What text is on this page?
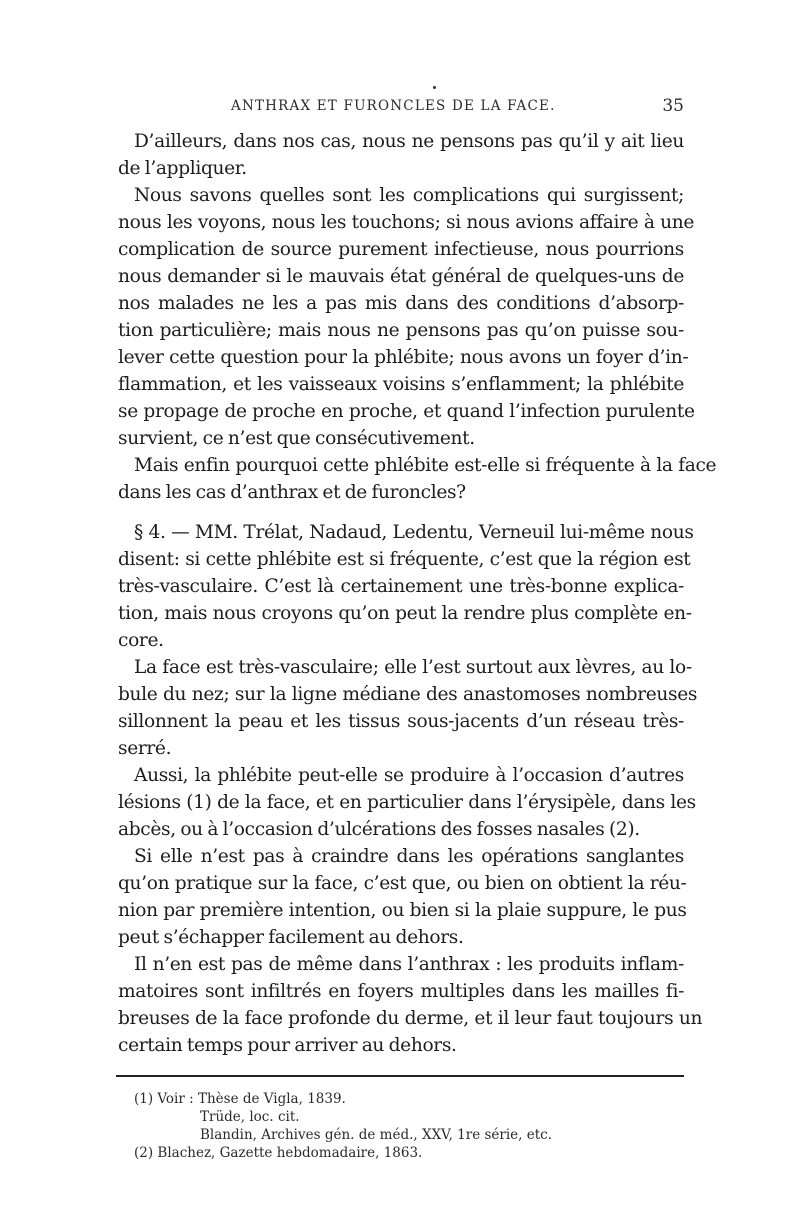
ANTHRAX ET FURONCLES DE LA FACE.	35
D’ailleurs, dans nos cas, nous ne pensons pas qu’il y ait lieu
de l’appliquer.
Nous savons quelles sont les complications qui surgissent;
nous les voyons, nous les touchons; si nous avions affaire à une
complication de source purement infectieuse, nous pourrions
nous demander si le mauvais état général de quelques-uns de
nos malades ne les a pas mis dans des conditions d’absorp-
tion particulière; mais nous ne pensons pas qu’on puisse sou-
lever cette question pour la phlébite; nous avons un foyer d’in-
flammation, et les vaisseaux voisins s’enflamment; la phlébite
se propage de proche en proche, et quand l’infection purulente
survient, ce n’est que consécutivement.
Mais enfin pourquoi cette phlébite est-elle si fréquente à la face
dans les cas d’anthrax et de furoncles?
§ 4. — MM. Trélat, Nadaud, Ledentu, Verneuil lui-même nous
disent: si cette phlébite est si fréquente, c’est que la région est
très-vasculaire. C’est là certainement une très-bonne explica-
tion, mais nous croyons qu’on peut la rendre plus complète en-
core.
La face est très-vasculaire; elle l’est surtout aux lèvres, au lo-
bule du nez; sur la ligne médiane des anastomoses nombreuses
sillonnent la peau et les tissus sous-jacents d’un réseau très-
serré.
Aussi, la phlébite peut-elle se produire à l’occasion d’autres
lésions (1) de la face, et en particulier dans l’érysipèle, dans les
abcès, ou à l’occasion d’ulcérations des fosses nasales (2).
Si elle n’est pas à craindre dans les opérations sanglantes
qu’on pratique sur la face, c’est que, ou bien on obtient la réu-
nion par première intention, ou bien si la plaie suppure, le pus
peut s’échapper facilement au dehors.
Il n’en est pas de même dans l’anthrax : les produits inflam-
matoires sont infiltrés en foyers multiples dans les mailles fi-
breuses de la face profonde du derme, et il leur faut toujours un
certain temps pour arriver au dehors.
(1) Voir : Thèse de Vigla, 1839.
Trüde, loc. cit.
Blandin, Archives gén. de méd., XXV, 1re série, etc.
(2) Blachez, Gazette hebdomadaire, 1863.
